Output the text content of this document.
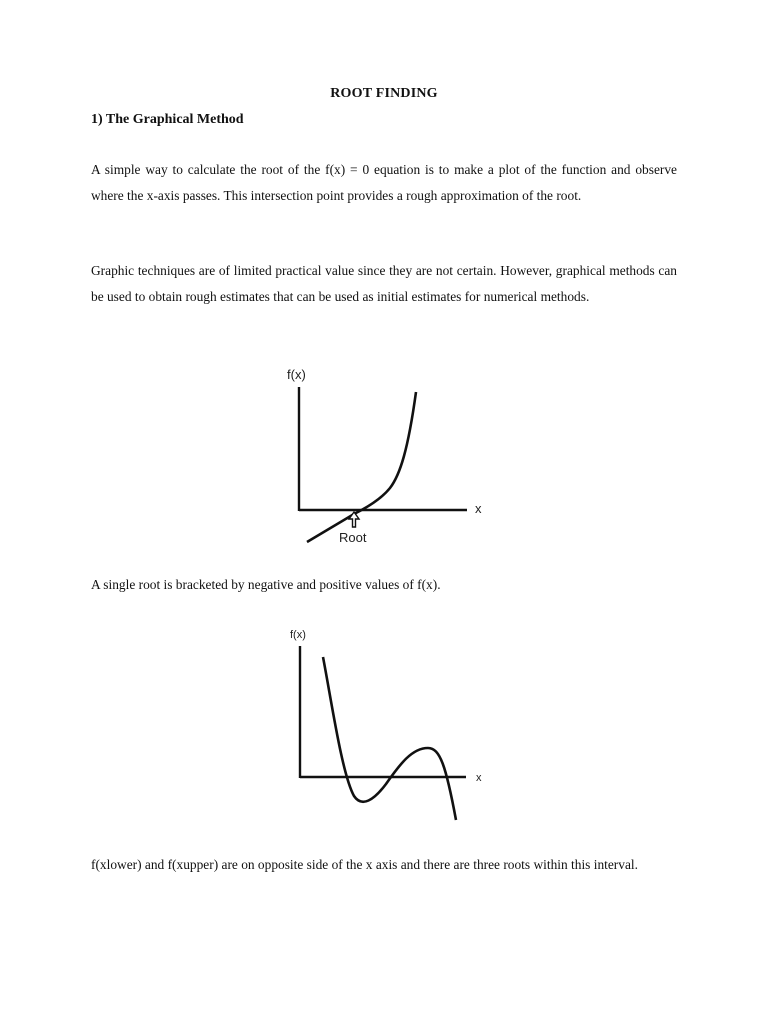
ROOT FINDING
1) The Graphical Method
A simple way to calculate the root of the f(x) = 0 equation is to make a plot of the function and observe where the x-axis passes. This intersection point provides a rough approximation of the root.
Graphic techniques are of limited practical value since they are not certain. However, graphical methods can be used to obtain rough estimates that can be used as initial estimates for numerical methods.
f(x)
x
Root
A single root is bracketed by negative and positive values of f(x).
f(x)
x
f(xlower) and f(xupper) are on opposite side of the x axis and there are three roots within this interval.
